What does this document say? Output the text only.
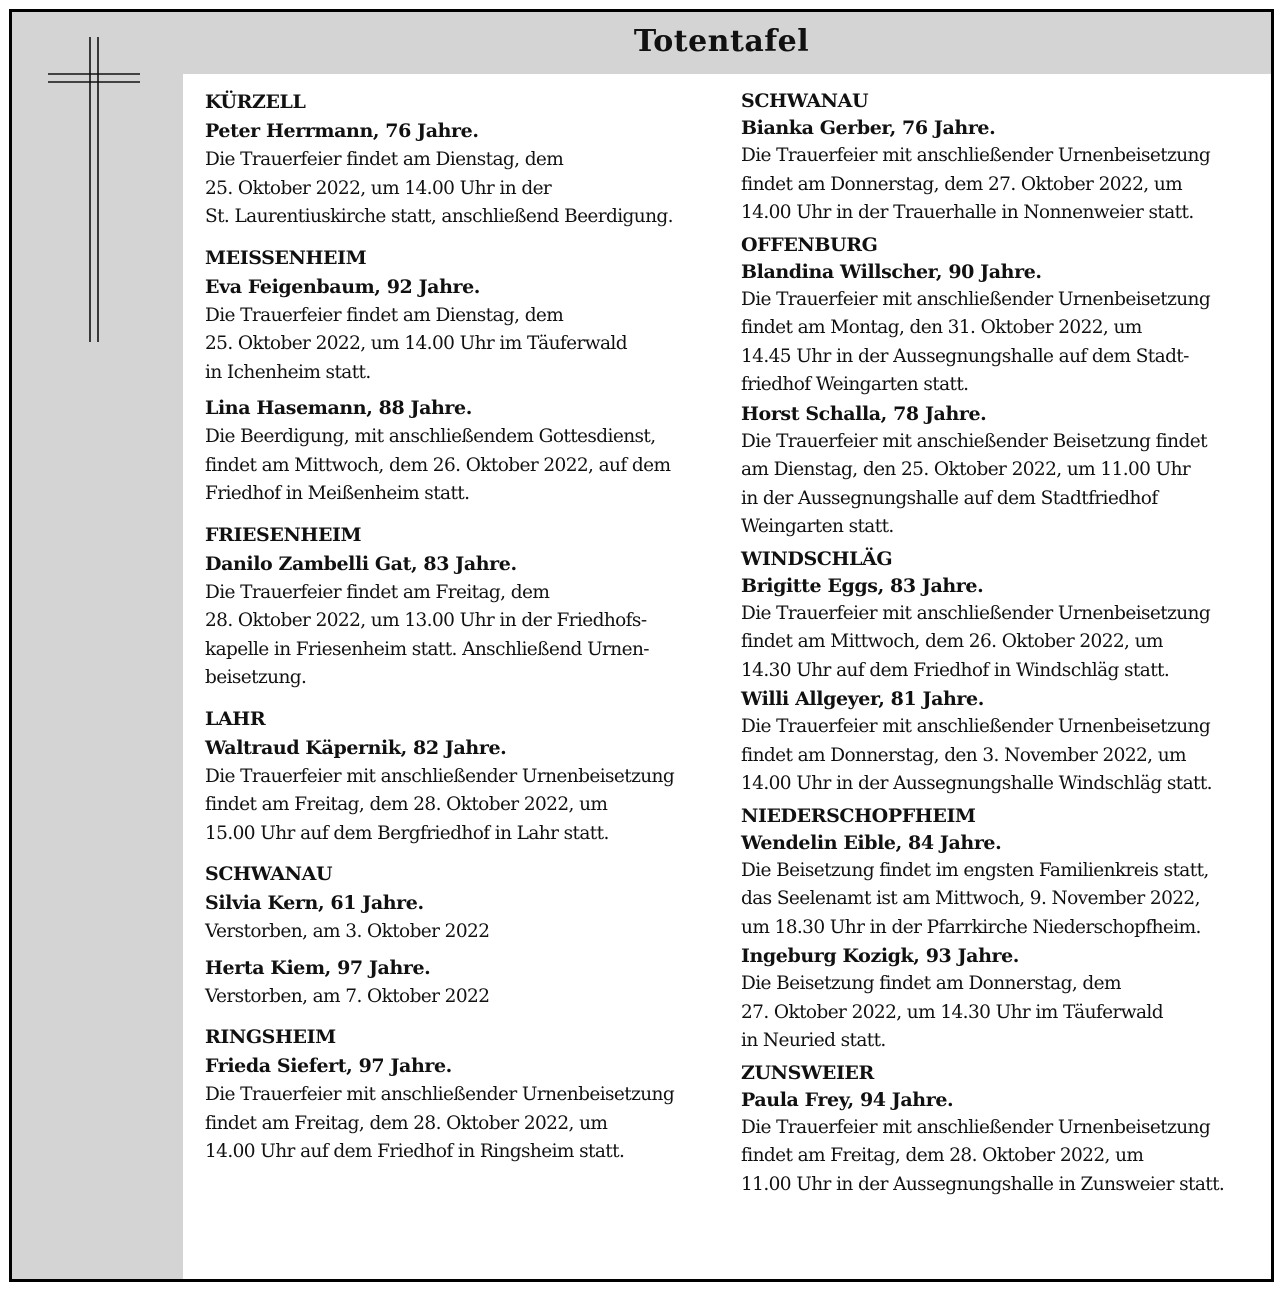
Totentafel
KÜRZELL
Peter Herrmann, 76 Jahre.
Die Trauerfeier findet am Dienstag, dem
25. Oktober 2022, um 14.00 Uhr in der
St. Laurentiuskirche statt, anschließend Beerdigung.
MEISSENHEIM
Eva Feigenbaum, 92 Jahre.
Die Trauerfeier findet am Dienstag, dem
25. Oktober 2022, um 14.00 Uhr im Täuferwald
in Ichenheim statt.
Lina Hasemann, 88 Jahre.
Die Beerdigung, mit anschließendem Gottesdienst,
findet am Mittwoch, dem 26. Oktober 2022, auf dem
Friedhof in Meißenheim statt.
FRIESENHEIM
Danilo Zambelli Gat, 83 Jahre.
Die Trauerfeier findet am Freitag, dem
28. Oktober 2022, um 13.00 Uhr in der Friedhofs-
kapelle in Friesenheim statt. Anschließend Urnen-
beisetzung.
LAHR
Waltraud Käpernik, 82 Jahre.
Die Trauerfeier mit anschließender Urnenbeisetzung
findet am Freitag, dem 28. Oktober 2022, um
15.00 Uhr auf dem Bergfriedhof in Lahr statt.
SCHWANAU
Silvia Kern, 61 Jahre.
Verstorben, am 3. Oktober 2022
Herta Kiem, 97 Jahre.
Verstorben, am 7. Oktober 2022
RINGSHEIM
Frieda Siefert, 97 Jahre.
Die Trauerfeier mit anschließender Urnenbeisetzung
findet am Freitag, dem 28. Oktober 2022, um
14.00 Uhr auf dem Friedhof in Ringsheim statt.
SCHWANAU
Bianka Gerber, 76 Jahre.
Die Trauerfeier mit anschließender Urnenbeisetzung
findet am Donnerstag, dem 27. Oktober 2022, um
14.00 Uhr in der Trauerhalle in Nonnenweier statt.
OFFENBURG
Blandina Willscher, 90 Jahre.
Die Trauerfeier mit anschließender Urnenbeisetzung
findet am Montag, den 31. Oktober 2022, um
14.45 Uhr in der Aussegnungshalle auf dem Stadt-
friedhof Weingarten statt.
Horst Schalla, 78 Jahre.
Die Trauerfeier mit anschießender Beisetzung findet
am Dienstag, den 25. Oktober 2022, um 11.00 Uhr
in der Aussegnungshalle auf dem Stadtfriedhof
Weingarten statt.
WINDSCHLÄG
Brigitte Eggs, 83 Jahre.
Die Trauerfeier mit anschließender Urnenbeisetzung
findet am Mittwoch, dem 26. Oktober 2022, um
14.30 Uhr auf dem Friedhof in Windschläg statt.
Willi Allgeyer, 81 Jahre.
Die Trauerfeier mit anschließender Urnenbeisetzung
findet am Donnerstag, den 3. November 2022, um
14.00 Uhr in der Aussegnungshalle Windschläg statt.
NIEDERSCHOPFHEIM
Wendelin Eible, 84 Jahre.
Die Beisetzung findet im engsten Familienkreis statt,
das Seelenamt ist am Mittwoch, 9. November 2022,
um 18.30 Uhr in der Pfarrkirche Niederschopfheim.
Ingeburg Kozigk, 93 Jahre.
Die Beisetzung findet am Donnerstag, dem
27. Oktober 2022, um 14.30 Uhr im Täuferwald
in Neuried statt.
ZUNSWEIER
Paula Frey, 94 Jahre.
Die Trauerfeier mit anschließender Urnenbeisetzung
findet am Freitag, dem 28. Oktober 2022, um
11.00 Uhr in der Aussegnungshalle in Zunsweier statt.
